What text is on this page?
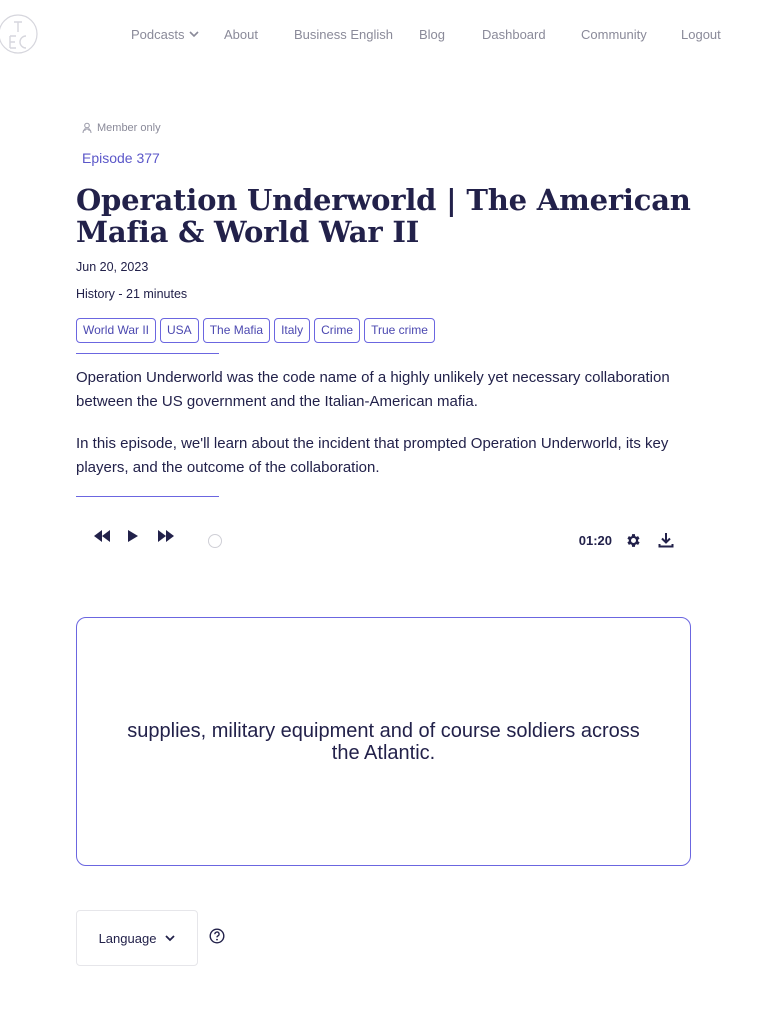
Podcasts	About	Business English Blog	Dashboard	Community	Logout
Member only
Episode 377
Operation Underworld | The American Mafia & World War II
Jun 20, 2023
History - 21 minutes
World War II	USA	The Mafia	Italy	Crime	True crime

Operation Underworld was the code name of a highly unlikely yet necessary collaboration between the US government and the Italian-American mafia.

In this episode, we'll learn about the incident that prompted Operation Underworld, its key players, and the outcome of the collaboration.

01:20
supplies, military equipment and of course soldiers across the Atlantic.
Language
